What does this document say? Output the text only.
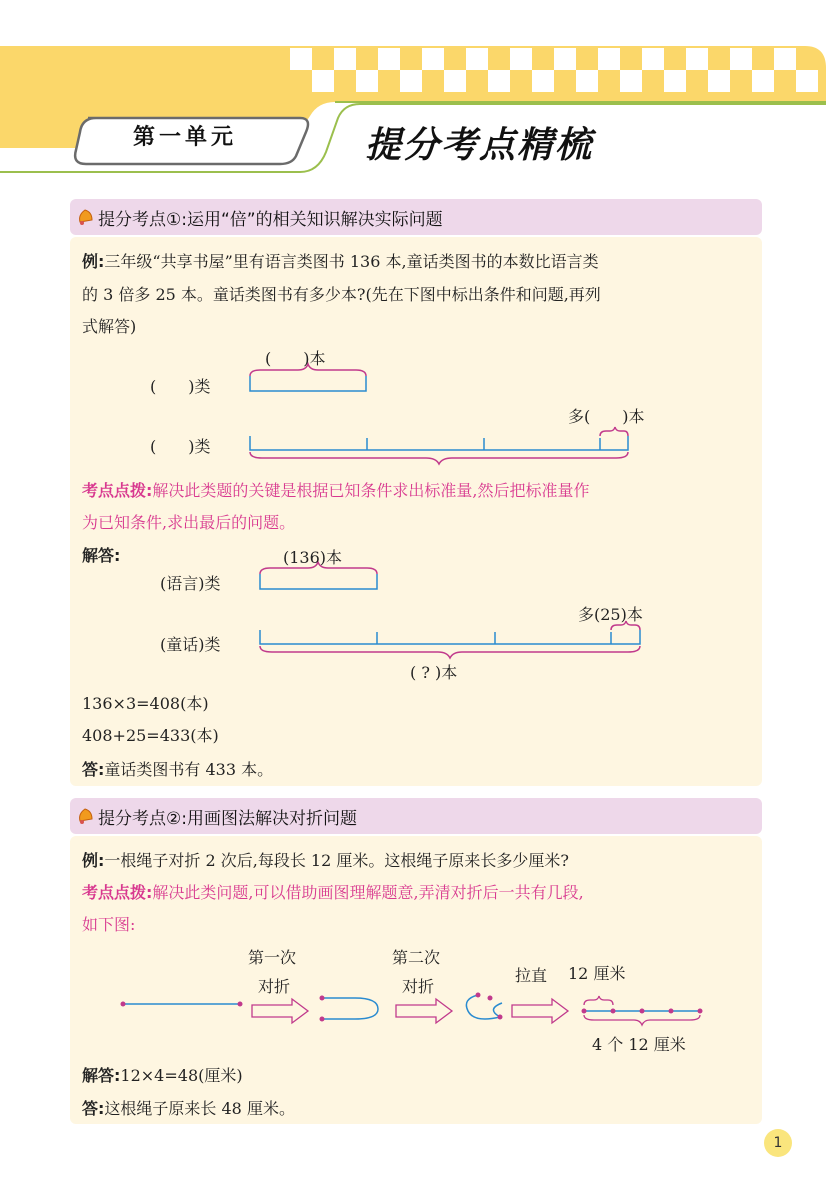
第一单元	提分考点精梳
提分考点①:运用“倍”的相关知识解决实际问题
例:三年级“共享书屋”里有语言类图书 136 本,童话类图书的本数比语言类
的 3 倍多 25 本。童话类图书有多少本?(先在下图中标出条件和问题,再列
式解答)
(　　)本
(　　)类
多(　　)本
(　　)类
考点点拨:解决此类题的关键是根据已知条件求出标准量,然后把标准量作
为已知条件,求出最后的问题。
解答:	(136)本
(语言)类
多(25)本
(童话)类
( ? )本
136×3=408(本)
408+25=433(本)
答:童话类图书有 433 本。
提分考点②:用画图法解决对折问题
例:一根绳子对折 2 次后,每段长 12 厘米。这根绳子原来长多少厘米?
考点点拨:解决此类问题,可以借助画图理解题意,弄清对折后一共有几段,
如下图:
第一次
对折
第二次
对折
拉直 12 厘米
4 个 12 厘米
解答:12×4=48(厘米)
答:这根绳子原来长 48 厘米。
1
